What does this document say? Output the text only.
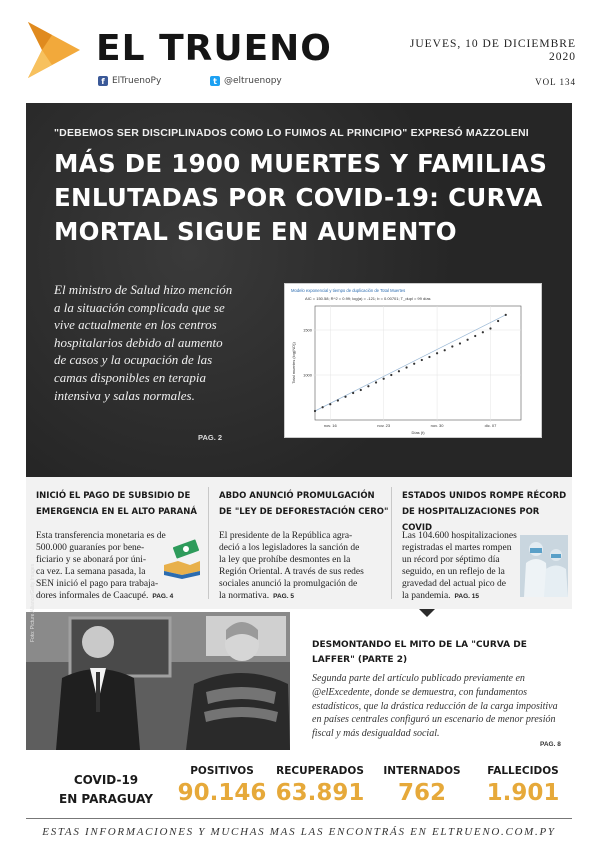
EL TRUENO
f ElTruenoPy	t @eltruenopy
JUEVES, 10 DE DICIEMBRE
2020
VOL 134
"DEBEMOS SER DISCIPLINADOS COMO LO FUIMOS AL PRINCIPIO" EXPRESÓ MAZZOLENI
MÁS DE 1900 MUERTES Y FAMILIAS ENLUTADAS POR COVID-19: CURVA MORTAL SIGUE EN AUMENTO
El ministro de Salud hizo mención a la situación complicada que se vive actualmente en los centros hospitalarios debido al aumento de casos y la ocupación de las camas disponibles en terapia intensiva y salas normales.
PAG. 2
Modelo exponencial y tiempo de duplicación de Total Muertes
AIC = 150.58; R^2 = 0.99; log(a) = -121; b = 0.00701; T_dupl = 99 días
1500
1000
nov. 16	nov. 23	nov. 30	dic. 07
Días (t)
Total muertes (log(ND))
INICIÓ EL PAGO DE SUBSIDIO DE EMERGENCIA EN EL ALTO PARANÁ
Esta transferencia monetaria es de
500.000 guaraníes por bene-
ficiario y se abonará por úni-
ca vez. La semana pasada, la
SEN inició el pago para trabaja-
dores informales de Caacupé. PAG. 4
ABDO ANUNCIÓ PROMULGACIÓN DE "LEY DE DEFORESTACIÓN CERO"
El presidente de la República agra-
deció a los legisladores la sanción de
la ley que prohíbe desmontes en la
Región Oriental. A través de sus redes
sociales anunció la promulgación de
la normativa. PAG. 5
ESTADOS UNIDOS ROMPE RÉCORD DE HOSPITALIZACIONES POR COVID
Las 104.600 hospitalizaciones
registradas el martes rompen
un récord por séptimo día
seguido, en un reflejo de la
gravedad del actual pico de
la pandemia. PAG. 15
Foto: Picture Alliance/Getty Images
DESMONTANDO EL MITO DE LA "CURVA DE LAFFER" (PARTE 2)
Segunda parte del artículo publicado previamente en @elExcedente, donde se demuestra, con fundamentos estadísticos, que la drástica reducción de la carga impositiva en países centrales configuró un escenario de menor presión fiscal y más desigualdad social.
PAG. 8
COVID-19
EN PARAGUAY
POSITIVOS
90.146
RECUPERADOS
63.891
INTERNADOS
762
FALLECIDOS
1.901
ESTAS INFORMACIONES Y MUCHAS MAS LAS ENCONTRÁS EN ELTRUENO.COM.PY
